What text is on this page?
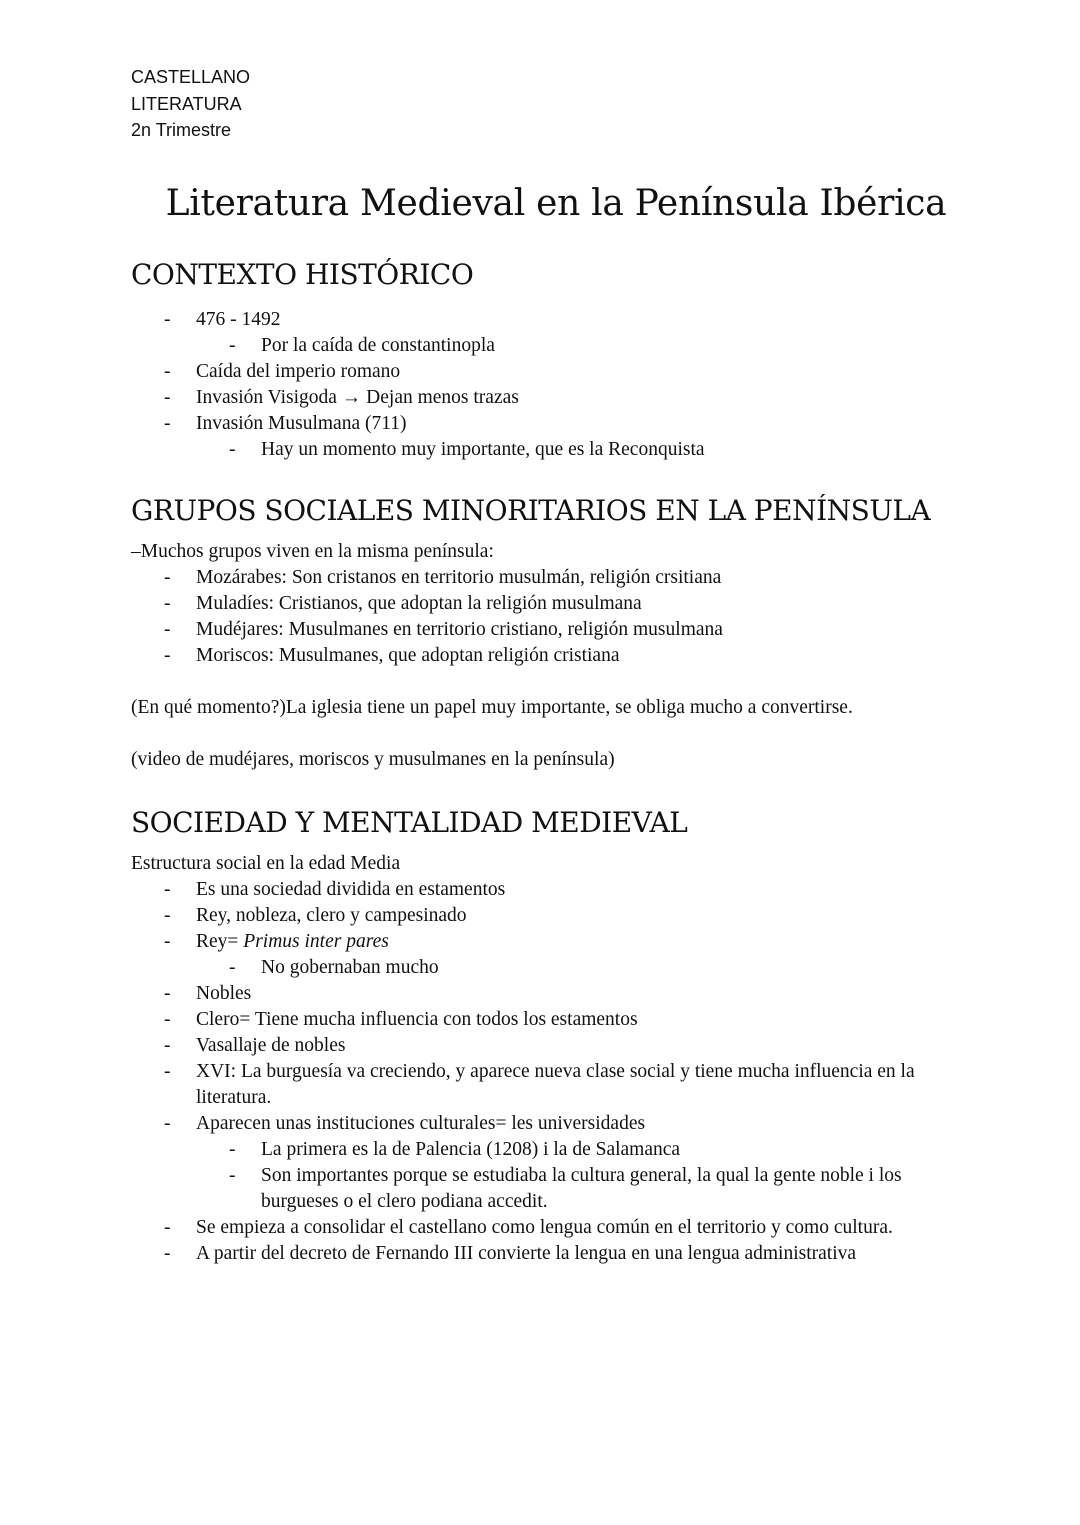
CASTELLANO
LITERATURA
2n Trimestre
Literatura Medieval en la Península Ibérica
CONTEXTO HISTÓRICO
- 476 - 1492
- Por la caída de constantinopla
- Caída del imperio romano
- Invasión Visigoda → Dejan menos trazas
- Invasión Musulmana (711)
- Hay un momento muy importante, que es la Reconquista
GRUPOS SOCIALES MINORITARIOS EN LA PENÍNSULA

–Muchos grupos viven en la misma península:

- Mozárabes: Son cristanos en territorio musulmán, religión crsitiana
- Muladíes: Cristianos, que adoptan la religión musulmana
- Mudéjares: Musulmanes en territorio cristiano, religión musulmana
- Moriscos: Musulmanes, que adoptan religión cristiana

(En qué momento?)La iglesia tiene un papel muy importante, se obliga mucho a convertirse.

(video de mudéjares, moriscos y musulmanes en la península)

SOCIEDAD Y MENTALIDAD MEDIEVAL

Estructura social en la edad Media

- Es una sociedad dividida en estamentos
- Rey, nobleza, clero y campesinado
- Rey= Primus inter pares
- No gobernaban mucho
- Nobles
- Clero= Tiene mucha influencia con todos los estamentos
- Vasallaje de nobles
- XVI: La burguesía va creciendo, y aparece nueva clase social y tiene mucha influencia en la literatura.
- Aparecen unas instituciones culturales= les universidades
- La primera es la de Palencia (1208) i la de Salamanca
- Son importantes porque se estudiaba la cultura general, la qual la gente noble i los burgueses o el clero podiana accedit.
- Se empieza a consolidar el castellano como lengua común en el territorio y como cultura.
- A partir del decreto de Fernando III convierte la lengua en una lengua administrativa
